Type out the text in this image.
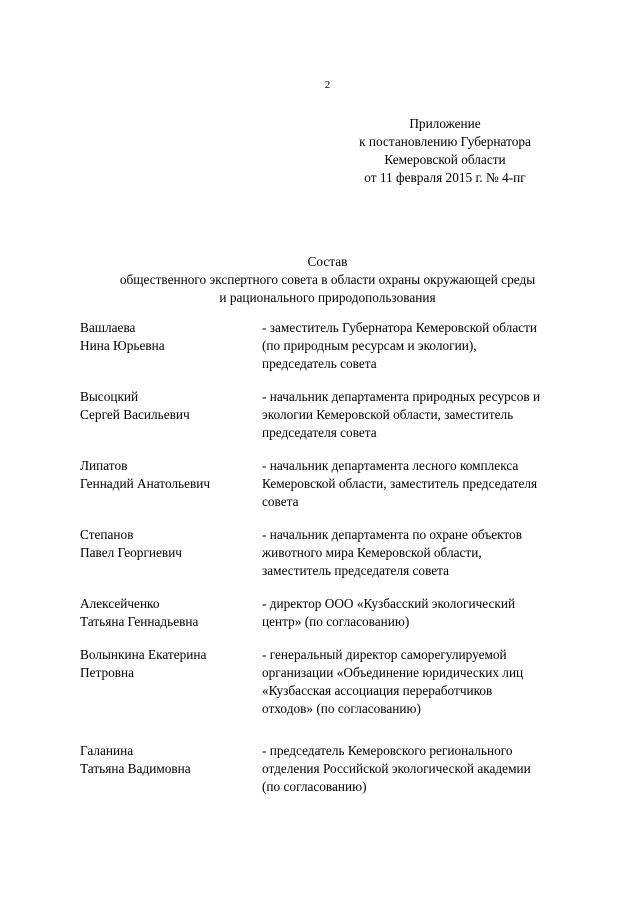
2
Приложение
к постановлению Губернатора
Кемеровской области
от 11 февраля 2015 г. № 4-пг
Состав
общественного экспертного совета в области охраны окружающей среды
и рационального природопользования
Вашлаева
Нина Юрьевна
- заместитель Губернатора Кемеровской области
(по природным ресурсам и экологии),
председатель совета
Высоцкий
Сергей Васильевич
- начальник департамента природных ресурсов и
экологии Кемеровской области, заместитель
председателя совета
Липатов
Геннадий Анатольевич
- начальник департамента лесного комплекса
Кемеровской области, заместитель председателя
совета
Степанов
Павел Георгиевич
- начальник департамента по охране объектов
животного мира Кемеровской области,
заместитель председателя совета
Алексейченко
Татьяна Геннадьевна
- директор ООО «Кузбасский экологический
центр» (по согласованию)
Волынкина Екатерина
Петровна
- генеральный директор саморегулируемой
организации «Объединение юридических лиц
«Кузбасская ассоциация переработчиков
отходов» (по согласованию)
Галанина
Татьяна Вадимовна
- председатель Кемеровского регионального
отделения Российской экологической академии
(по согласованию)
